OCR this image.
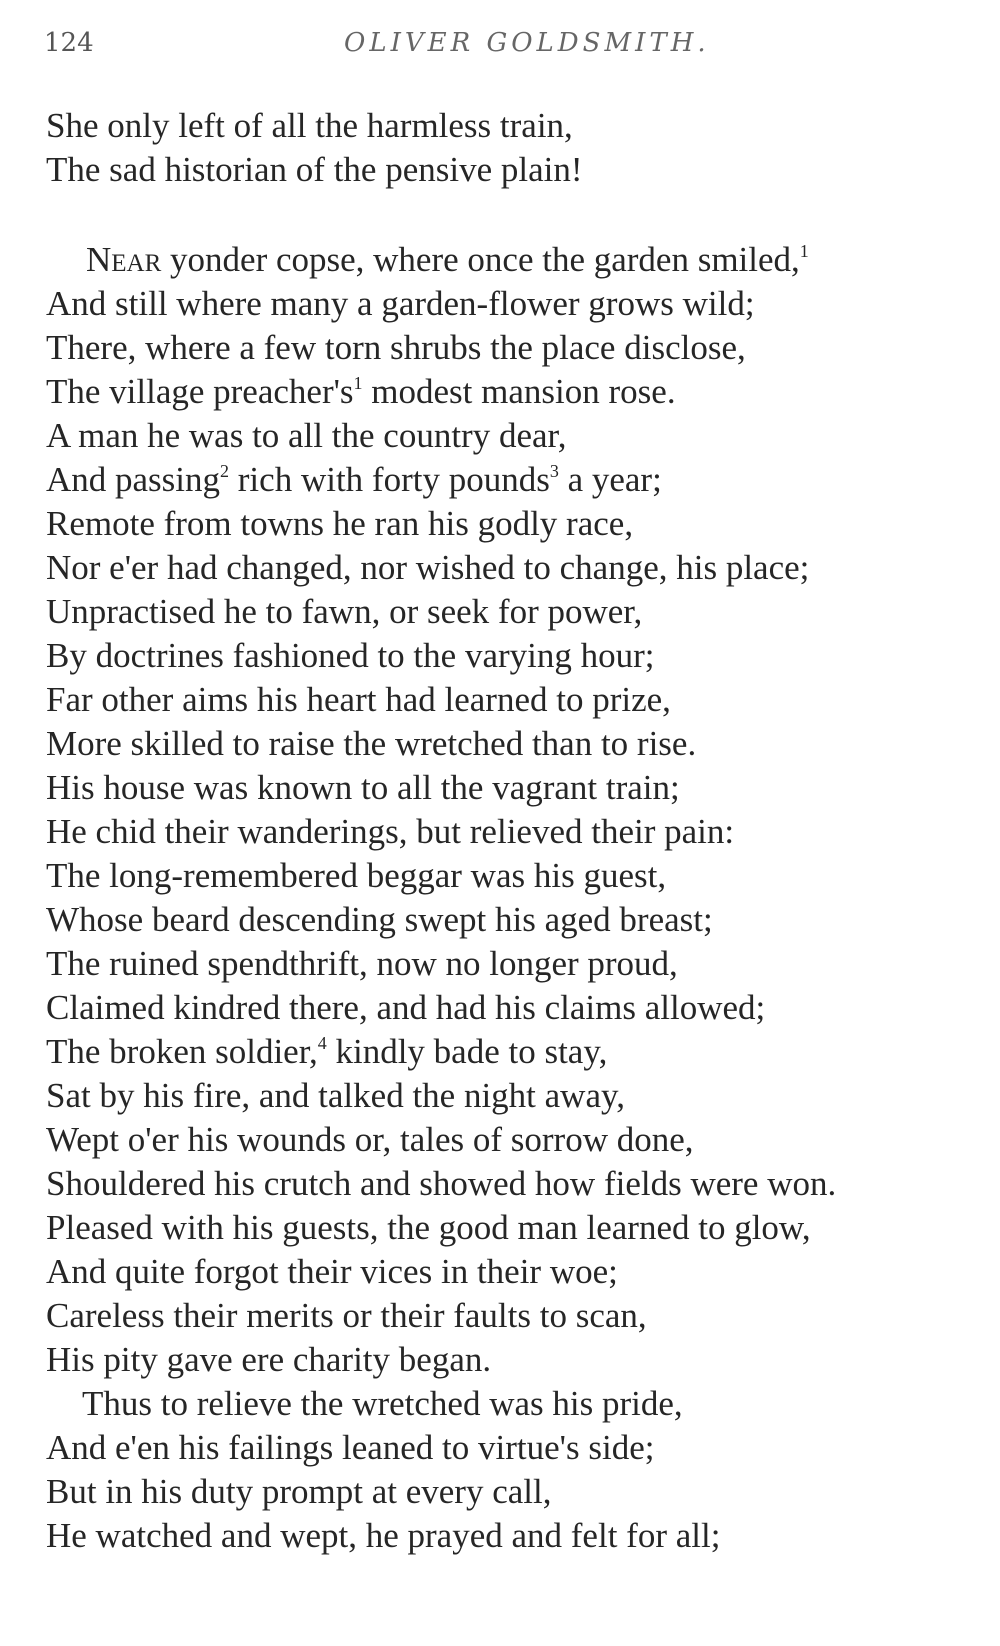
124	OLIVER GOLDSMITH.
She only left of all the harmless train,
The sad historian of the pensive plain!
Near yonder copse, where once the garden smiled,$^1$
And still where many a garden-flower grows wild;
There, where a few torn shrubs the place disclose,
The village $preacher's^1$ modest mansion rose.
A man he was to all the country dear,
And passing$^2$ rich with forty pounds$^3$ a year;
Remote from towns he ran his godly race,
Nor e'er had changed, nor wished to change, his place;
Unpractised he to fawn, or seek for power,
By doctrines fashioned to the varying hour;
Far other aims his heart had learned to prize,
More skilled to raise the wretched than to rise.
His house was known to all the vagrant train;
He chid their wanderings, but relieved their pain:
The long-remembered beggar was his guest,
Whose beard descending swept his aged breast;
The ruined spendthrift, now no longer proud,
Claimed kindred there, and had his claims allowed;
The broken soldier,$^4$ kindly bade to stay,
Sat by his fire, and talked the night away,
Wept o'er his wounds or, tales of sorrow done,
Shouldered his crutch and showed how fields were won.
Pleased with his guests, the good man learned to glow,
And quite forgot their vices in their woe;
Careless their merits or their faults to scan,
His pity gave ere charity began.
Thus to relieve the wretched was his pride,
And e'en his failings leaned to virtue's side;
But in his duty prompt at every call,
He watched and wept, he prayed and felt for all;
